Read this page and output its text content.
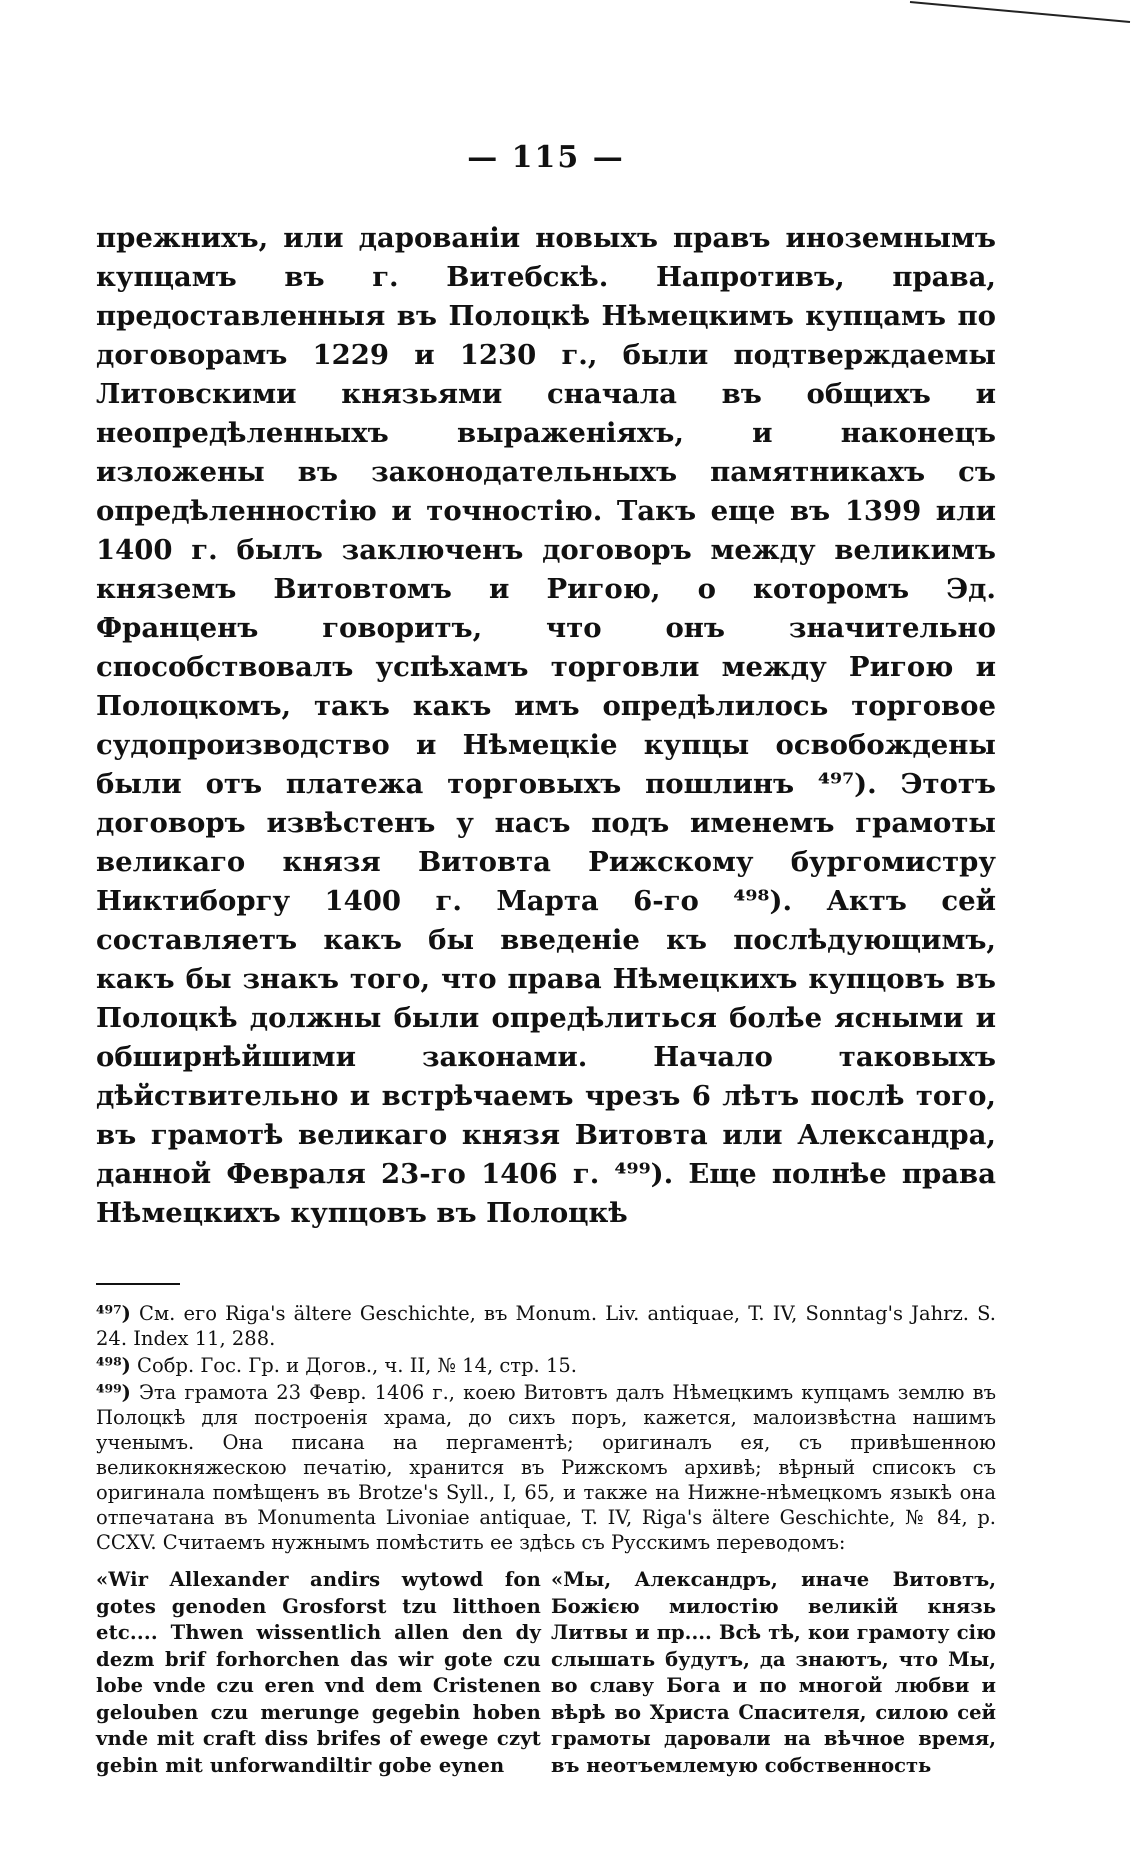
— 115 —

прежнихъ, или дарованіи новыхъ правъ иноземнымъ купцамъ въ г. Витебскѣ. Напротивъ, права, предоставленныя въ Полоцкѣ Нѣмецкимъ купцамъ по договорамъ 1229 и 1230 г., были подтверждаемы Литовскими князьями сначала въ общихъ и неопредѣленныхъ выраженіяхъ, и наконецъ изложены въ законодательныхъ памятникахъ съ опредѣленностію и точностію. Такъ еще въ 1399 или 1400 г. былъ заключенъ договоръ между великимъ княземъ Витовтомъ и Ригою, о которомъ Эд. Франценъ говоритъ, что онъ значительно способствовалъ успѣхамъ торговли между Ригою и Полоцкомъ, такъ какъ имъ опредѣлилось торговое судопроизводство и Нѣмецкіе купцы освобождены были отъ платежа торговыхъ пошлинъ ⁴⁹⁷). Этотъ договоръ извѣстенъ у насъ подъ именемъ грамоты великаго князя Витовта Рижскому бургомистру Никтиборгу 1400 г. Марта 6-го ⁴⁹⁸). Актъ сей составляетъ какъ бы введеніе къ послѣдующимъ, какъ бы знакъ того, что права Нѣмецкихъ купцовъ въ Полоцкѣ должны были опредѣлиться болѣе ясными и обширнѣйшими законами. Начало таковыхъ дѣйствительно и встрѣчаемъ чрезъ 6 лѣтъ послѣ того, въ грамотѣ великаго князя Витовта или Александра, данной Февраля 23-го 1406 г. ⁴⁹⁹). Еще полнѣе права Нѣмецкихъ купцовъ въ Полоцкѣ

⁴⁹⁷) См. его Riga's ältere Geschichte, въ Monum. Liv. antiquae, T. IV, Sonntag's Jahrz. S. 24. Index 11, 288.

⁴⁹⁸) Собр. Гос. Гр. и Догов., ч. II, № 14, стр. 15.

⁴⁹⁹) Эта грамота 23 Февр. 1406 г., коею Витовтъ далъ Нѣмецкимъ купцамъ землю въ Полоцкѣ для построенія храма, до сихъ поръ, кажется, малоизвѣстна нашимъ ученымъ. Она писана на пергаментѣ; оригиналъ ея, съ привѣшенною великокняжескою печатію, хранится въ Рижскомъ архивѣ; вѣрный списокъ съ оригинала помѣщенъ въ Brotze's Syll., I, 65, и также на Нижне-нѣмецкомъ языкѣ она отпечатана въ Monumenta Livoniae antiquae, T. IV, Riga's ältere Geschichte, № 84, p. CCXV. Считаемъ нужнымъ помѣстить ее здѣсь съ Русскимъ переводомъ:

«Wir Allexander andirs wytowd fon gotes genoden Grosforst tzu litthoen etc.... Thwen wissentlich allen den dy dezm brif forhorchen das wir gote czu lobe vnde czu eren vnd dem Cristenen gelouben czu merunge gegebin hoben vnde mit craft diss brifes of ewege czyt gebin mit unforwandiltir gobe eynen
«Мы, Александръ, иначе Витовтъ, Божією милостію великій князь Литвы и пр.... Всѣ тѣ, кои грамоту сію слышать будутъ, да знаютъ, что Мы, во славу Бога и по многой любви и вѣрѣ во Христа Спасителя, силою сей грамоты даровали на вѣчное время, въ неотъемлемую собственность
